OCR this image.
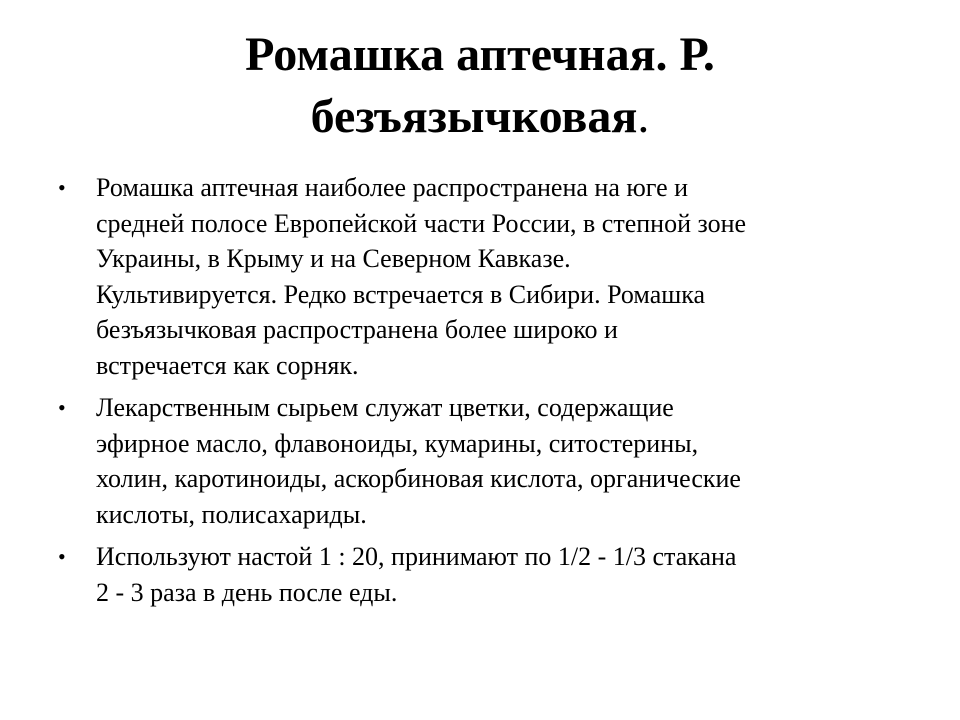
Ромашка аптечная. Р.
безъязычковая.
• Ромашка аптечная наиболее распространена на юге и
средней полосе Европейской части России, в степной зоне
Украины, в Крыму и на Северном Кавказе.
Культивируется. Редко встречается в Сибири. Ромашка
безъязычковая распространена более широко и
встречается как сорняк.
• Лекарственным сырьем служат цветки, содержащие
эфирное масло, флавоноиды, кумарины, ситостерины,
холин, каротиноиды, аскорбиновая кислота, органические
кислоты, полисахариды.
• Используют настой 1 : 20, принимают по 1/2 - 1/3 стакана
2 - 3 раза в день после еды.
